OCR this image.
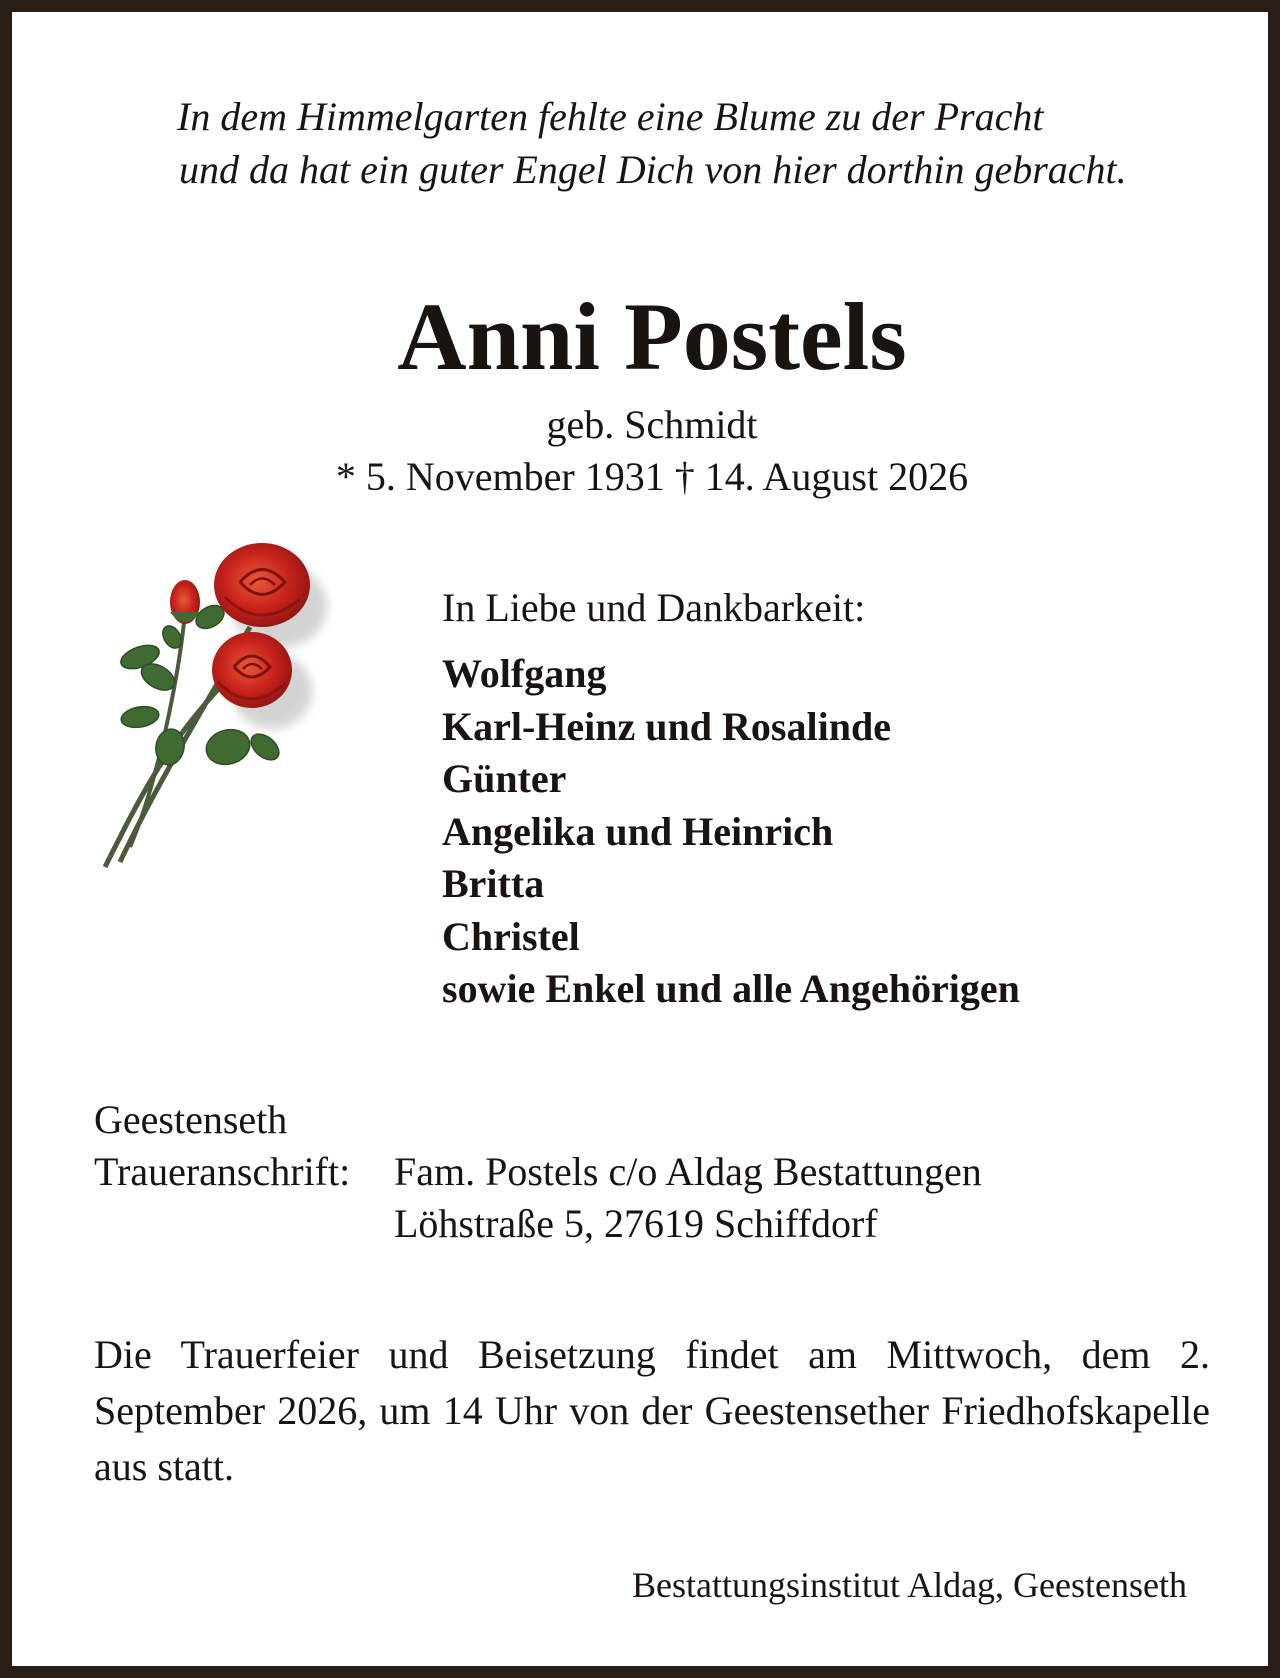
In dem Himmelgarten fehlte eine Blume zu der Pracht
und da hat ein guter Engel Dich von hier dorthin gebracht.
Anni Postels
geb. Schmidt
* 5. November 1931 † 14. August 2026
In Liebe und Dankbarkeit:
Wolfgang
Karl-Heinz und Rosalinde
Günter
Angelika und Heinrich
Britta
Christel
sowie Enkel und alle Angehörigen
Geestenseth
Traueranschrift: Fam. Postels c/o Aldag Bestattungen
Löhstraße 5, 27619 Schiffdorf
Die Trauerfeier und Beisetzung findet am Mittwoch, dem 2. September 2026, um 14 Uhr von der Geestensether Friedhofskapelle aus statt.
Bestattungsinstitut Aldag, Geestenseth
